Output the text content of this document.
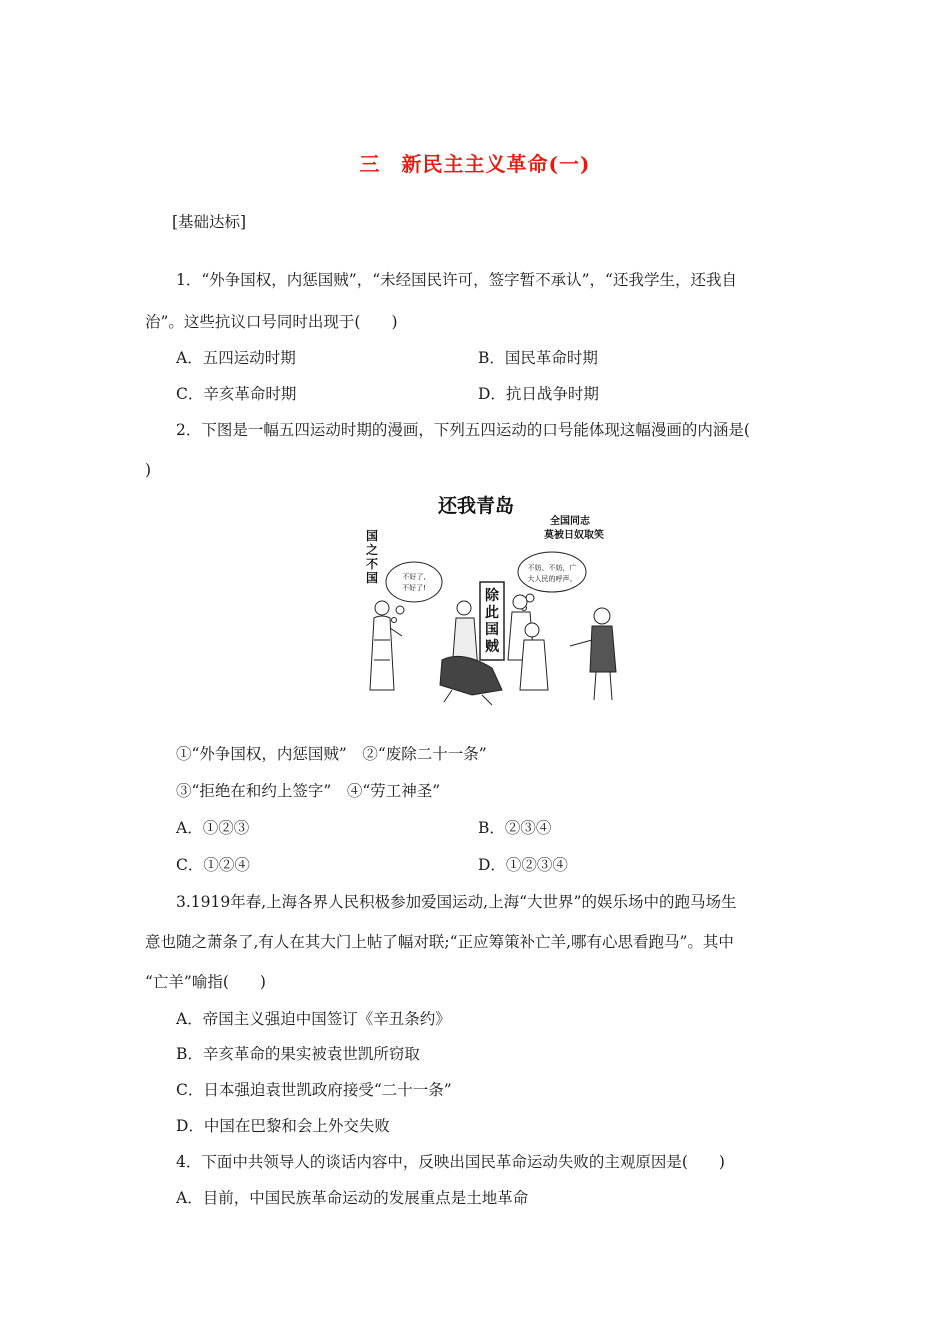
三　新民主主义革命(一)
[基础达标]
1．“外争国权，内惩国贼”，“未经国民许可，签字暂不承认”，“还我学生，还我自
治”。这些抗议口号同时出现于(　　)
A．五四运动时期	B．国民革命时期
C．辛亥革命时期	D．抗日战争时期
2．下图是一幅五四运动时期的漫画，下列五四运动的口号能体现这幅漫画的内涵是(
)
还我青岛
全国同志
莫被日奴取笑
国之不国	不好了,
不好了!
不妨、不妨，广
大人民的呼声。
除此国贼
①“外争国权，内惩国贼”　②“废除二十一条”
③“拒绝在和约上签字”　④“劳工神圣”
A．①②③	B．②③④
C．①②④	D．①②③④
3.1919年春,上海各界人民积极参加爱国运动,上海“大世界”的娱乐场中的跑马场生
意也随之萧条了,有人在其大门上帖了幅对联;“正应筹策补亡羊,哪有心思看跑马”。其中
“亡羊”喻指(　　)
A．帝国主义强迫中国签订《辛丑条约》
B．辛亥革命的果实被袁世凯所窃取
C．日本强迫袁世凯政府接受“二十一条”
D．中国在巴黎和会上外交失败
4．下面中共领导人的谈话内容中，反映出国民革命运动失败的主观原因是(　　)
A．目前，中国民族革命运动的发展重点是土地革命
